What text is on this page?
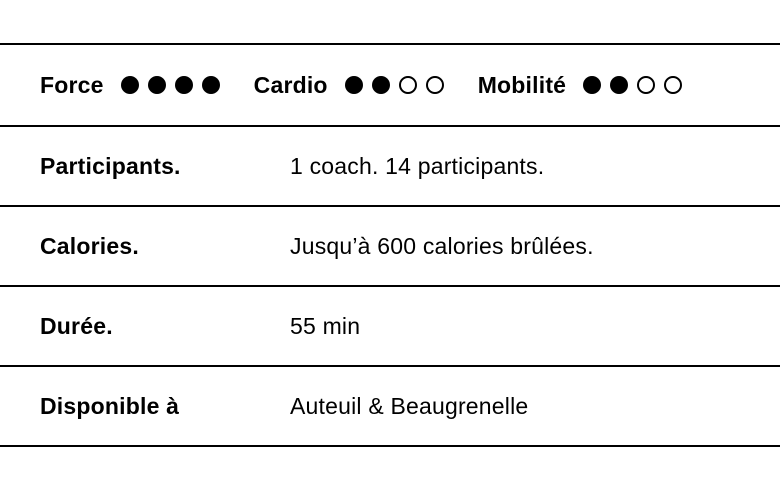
Force	Cardio	Mobilité
Participants.	1 coach. 14 participants.
Calories.	Jusqu’à 600 calories brûlées.
Durée.	55 min
Disponible à	Auteuil & Beaugrenelle
